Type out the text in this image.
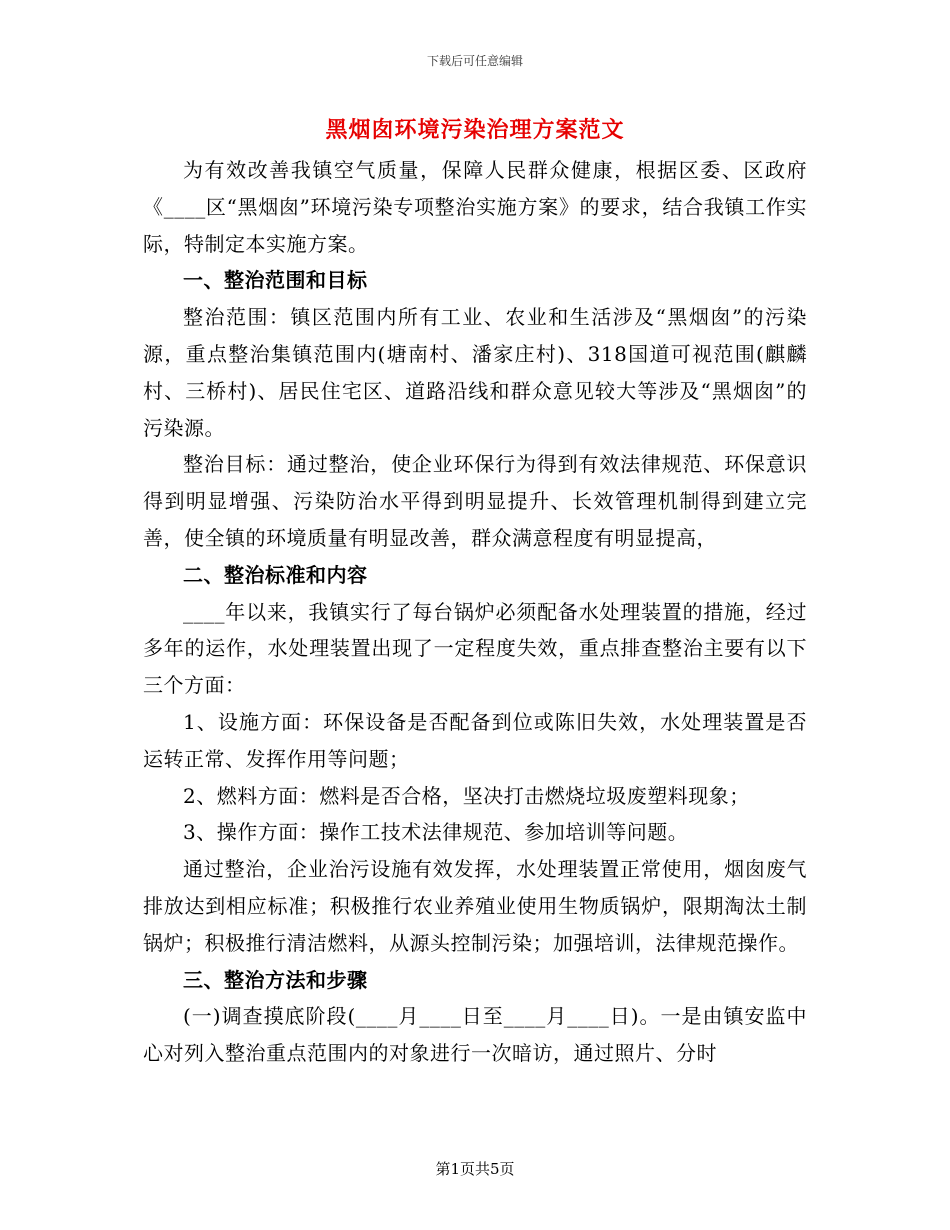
下载后可任意编辑
黑烟囱环境污染治理方案范文

为有效改善我镇空气质量，保障人民群众健康，根据区委、区政府《____区“黑烟囱”环境污染专项整治实施方案》的要求，结合我镇工作实际，特制定本实施方案。

一、整治范围和目标

整治范围：镇区范围内所有工业、农业和生活涉及“黑烟囱”的污染源，重点整治集镇范围内(塘南村、潘家庄村)、318国道可视范围(麒麟村、三桥村)、居民住宅区、道路沿线和群众意见较大等涉及“黑烟囱”的污染源。

整治目标：通过整治，使企业环保行为得到有效法律规范、环保意识得到明显增强、污染防治水平得到明显提升、长效管理机制得到建立完善，使全镇的环境质量有明显改善，群众满意程度有明显提高，

二、整治标准和内容

____年以来，我镇实行了每台锅炉必须配备水处理装置的措施，经过多年的运作，水处理装置出现了一定程度失效，重点排查整治主要有以下三个方面：

1、设施方面：环保设备是否配备到位或陈旧失效，水处理装置是否运转正常、发挥作用等问题；

2、燃料方面：燃料是否合格，坚决打击燃烧垃圾废塑料现象；

3、操作方面：操作工技术法律规范、参加培训等问题。

通过整治，企业治污设施有效发挥，水处理装置正常使用，烟囱废气排放达到相应标准；积极推行农业养殖业使用生物质锅炉，限期淘汰土制锅炉；积极推行清洁燃料，从源头控制污染；加强培训，法律规范操作。

三、整治方法和步骤

(一)调查摸底阶段(____月____日至____月____日)。一是由镇安监中心对列入整治重点范围内的对象进行一次暗访，通过照片、分时

第1页共5页
